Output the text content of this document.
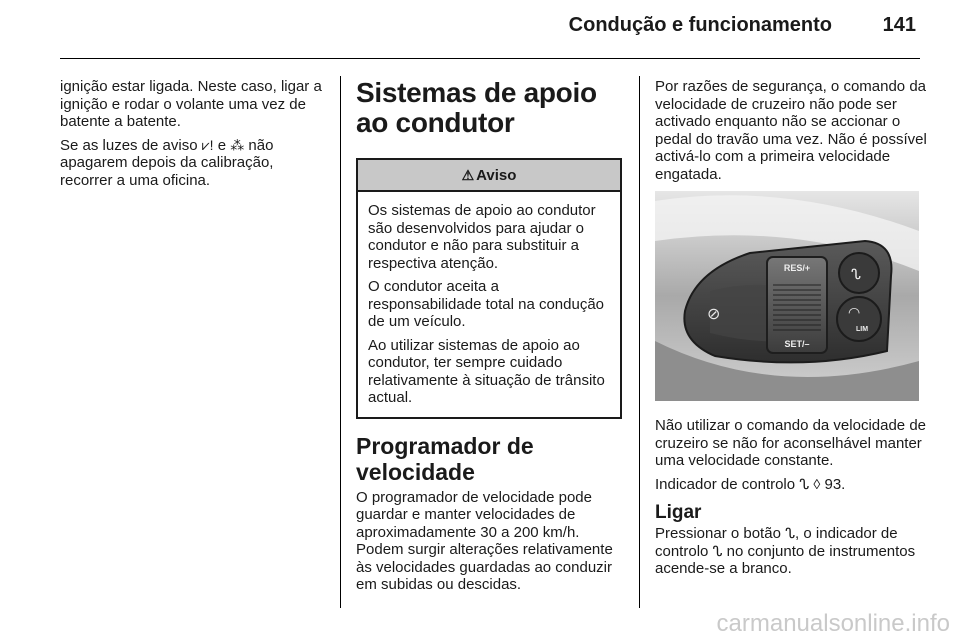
Condução e funcionamento	141

ignição estar ligada. Neste caso, ligar a ignição e rodar o volante uma vez de batente a batente.

Se as luzes de aviso ⩗! e ⁂ não apagarem depois da calibração, recorrer a uma oficina.

Sistemas de apoio ao condutor
⚠ Aviso

Os sistemas de apoio ao condutor são desenvolvidos para ajudar o condutor e não para substituir a respectiva atenção.

O condutor aceita a responsabilidade total na condução de um veículo.

Ao utilizar sistemas de apoio ao condutor, ter sempre cuidado relativamente à situação de trânsito actual.

Programador de velocidade

O programador de velocidade pode guardar e manter velocidades de aproximadamente 30 a 200 km/h. Podem surgir alterações relativamente às velocidades guardadas ao conduzir em subidas ou descidas.

Por razões de segurança, o comando da velocidade de cruzeiro não pode ser activado enquanto não se accionar o pedal do travão uma vez. Não é possível activá-lo com a primeira velocidade engatada.

⊘
RES/+
SET/–
ᔐ
◠
LIM

Não utilizar o comando da velocidade de cruzeiro se não for aconselhável manter uma velocidade constante.

Indicador de controlo ᔐ ◊ 93.

Ligar

Pressionar o botão ᔐ, o indicador de controlo ᔐ no conjunto de instrumentos acende-se a branco.

carmanualsonline.info
